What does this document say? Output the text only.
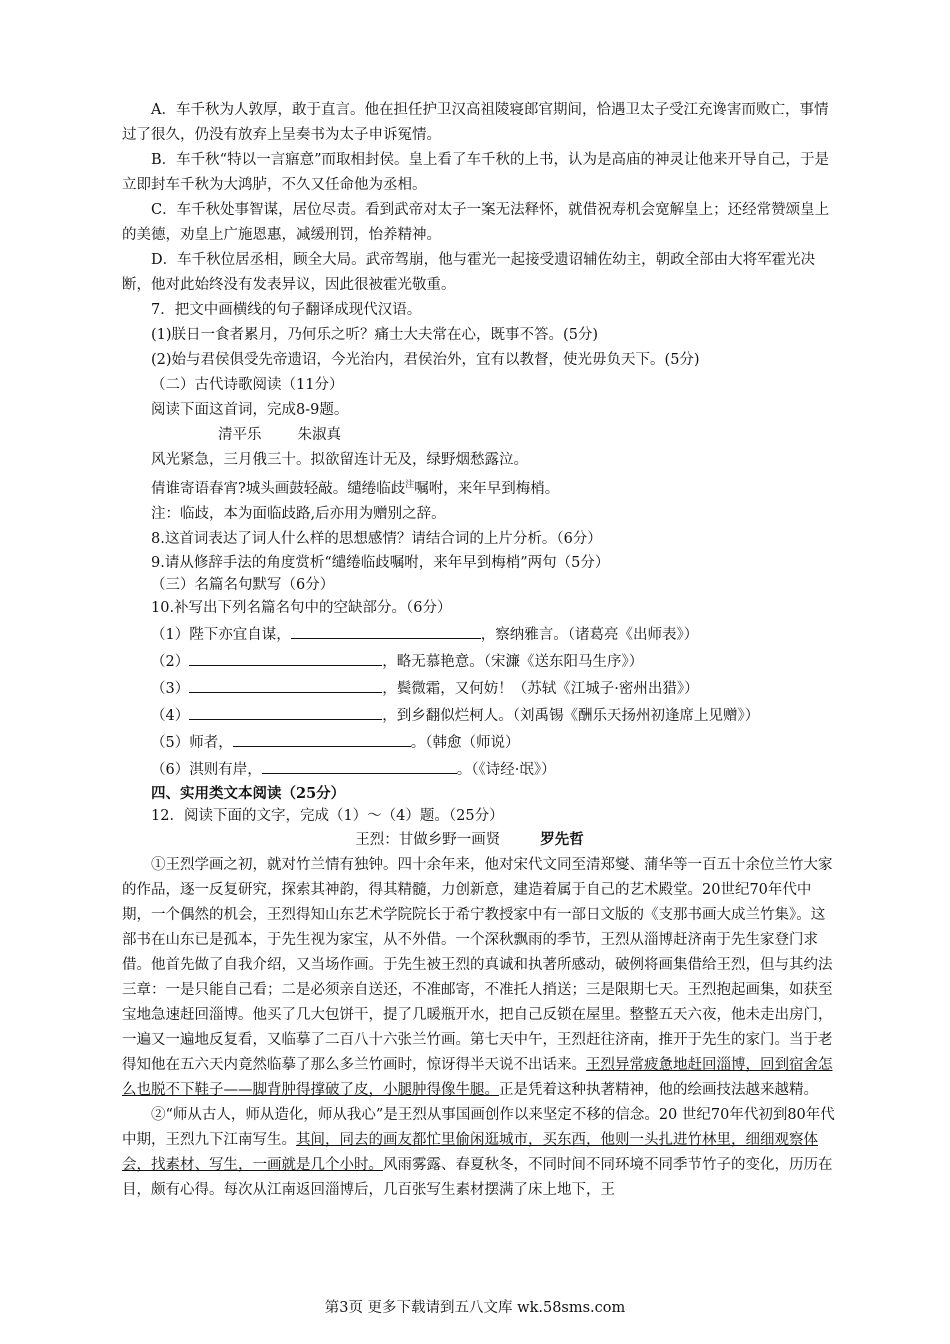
A．车千秋为人敦厚，敢于直言。他在担任护卫汉高祖陵寝郎官期间，恰遇卫太子受江充谗害而败亡，事情过了很久，仍没有放弃上呈奏书为太子申诉冤情。

B．车千秋“特以一言寤意”而取相封侯。皇上看了车千秋的上书，认为是高庙的神灵让他来开导自己，于是立即封车千秋为大鸿胪，不久又任命他为丞相。

C．车千秋处事智谋，居位尽责。看到武帝对太子一案无法释怀，就借祝寿机会宽解皇上；还经常赞颂皇上的美德，劝皇上广施恩惠，减缓刑罚，怡养精神。

D．车千秋位居丞相，顾全大局。武帝驾崩，他与霍光一起接受遗诏辅佐幼主，朝政全部由大将军霍光决断，他对此始终没有发表异议，因此很被霍光敬重。

7．把文中画横线的句子翻译成现代汉语。

(1)朕日一食者累月，乃何乐之听？痛士大夫常在心，既事不答。(5分)

(2)始与君侯俱受先帝遗诏，今光治内，君侯治外，宜有以教督，使光毋负天下。(5分)

（二）古代诗歌阅读（11分）

阅读下面这首词，完成8-9题。

清平乐 朱淑真

风光紧急，三月俄三十。拟欲留连计无及，绿野烟愁露泣。

倩谁寄语春宵?城头画鼓轻敲。缱绻临歧$^注$嘱咐，来年早到梅梢。

注：临歧，本为面临歧路,后亦用为赠别之辞。

8.这首词表达了词人什么样的思想感情？请结合词的上片分析。（6分）

9.请从修辞手法的角度赏析“缱绻临歧嘱咐，来年早到梅梢”两句（5分）

（三）名篇名句默写（6分）

10.补写出下列名篇名句中的空缺部分。（6分）

（1）陛下亦宜自谋，	，察纳雅言。（诸葛亮《出师表》）

（2）	，略无慕艳意。（宋濂《送东阳马生序》）

（3）	，鬓微霜，又何妨！（苏轼《江城子·密州出猎》）

（4）	，到乡翻似烂柯人。（刘禹锡《酬乐天扬州初逢席上见赠》）

（5）师者，	。（韩愈（师说）

（6）淇则有岸，	。（《诗经·氓》）

四、实用类文本阅读（25分）

12．阅读下面的文字，完成（1）～（4）题。（25分）

王烈：甘做乡野一画贤	罗先哲

①王烈学画之初，就对竹兰情有独钟。四十余年来，他对宋代文同至清郑燮、蒲华等一百五十余位兰竹大家的作品，逐一反复研究，探索其神韵，得其精髓，力创新意，建造着属于自己的艺术殿堂。20世纪70年代中期，一个偶然的机会，王烈得知山东艺术学院院长于希宁教授家中有一部日文版的《支那书画大成兰竹集》。这部书在山东已是孤本，于先生视为家宝，从不外借。一个深秋飘雨的季节，王烈从淄博赶济南于先生家登门求借。他首先做了自我介绍，又当场作画。于先生被王烈的真诚和执著所感动，破例将画集借给王烈，但与其约法三章：一是只能自己看；二是必须亲自送还，不准邮寄，不准托人捎送；三是限期七天。王烈抱起画集，如获至宝地急速赶回淄博。他买了几大包饼干，提了几暖瓶开水，把自己反锁在屋里。整整五天六夜，他未走出房门，一遍又一遍地反复看，又临摹了二百八十六张兰竹画。第七天中午，王烈赶往济南，推开于先生的家门。当于老得知他在五六天内竟然临摹了那么多兰竹画时，惊讶得半天说不出话来。王烈异常疲惫地赶回淄博，回到宿舍怎么也脱不下鞋子——脚背肿得撑破了皮，小腿肿得像牛腿。正是凭着这种执著精神，他的绘画技法越来越精。

②“师从古人，师从造化，师从我心”是王烈从事国画创作以来坚定不移的信念。20 世纪70年代初到80年代中期，王烈九下江南写生。其间，同去的画友都忙里偷闲逛城市，买东西，他则一头扎进竹林里，细细观察体会，找素材、写生，一画就是几个小时。风雨雾露、春夏秋冬，不同时间不同环境不同季节竹子的变化，历历在目，颇有心得。每次从江南返回淄博后，几百张写生素材摆满了床上地下，王

第3页 更多下载请到五八文库 wk.58sms.com
